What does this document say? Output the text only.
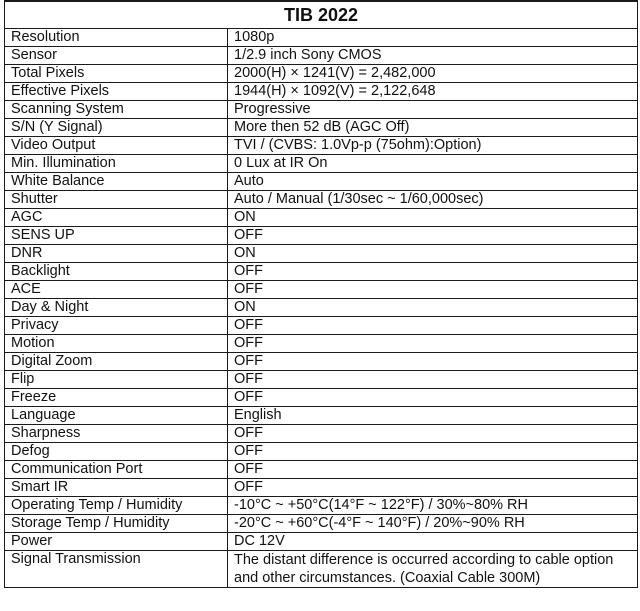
TIB 2022	
Resolution	1080p
Sensor	1/2.9 inch Sony CMOS
Total Pixels	2000(H) × 1241(V) = 2,482,000
Effective Pixels	1944(H) × 1092(V) = 2,122,648
Scanning System	Progressive
S/N (Y Signal)	More then 52 dB (AGC Off)
Video Output	TVI / (CVBS: 1.0Vp-p (75ohm):Option)
Min. Illumination	0 Lux at IR On
White Balance	Auto
Shutter	Auto / Manual (1/30sec ~ 1/60,000sec)
AGC	ON
SENS UP	OFF
DNR	ON
Backlight	OFF
ACE	OFF
Day & Night	ON
Privacy	OFF
Motion	OFF
Digital Zoom	OFF
Flip	OFF
Freeze	OFF
Language	English
Sharpness	OFF
Defog	OFF
Communication Port	OFF
Smart IR	OFF
Operating Temp / Humidity	-10°C ~ +50°C(14°F ~ 122°F) / 30%~80% RH
Storage Temp / Humidity	-20°C ~ +60°C(-4°F ~ 140°F) / 20%~90% RH
Power	DC 12V
Signal Transmission	The distant difference is occurred according to cable option and other circumstances. (Coaxial Cable 300M)
